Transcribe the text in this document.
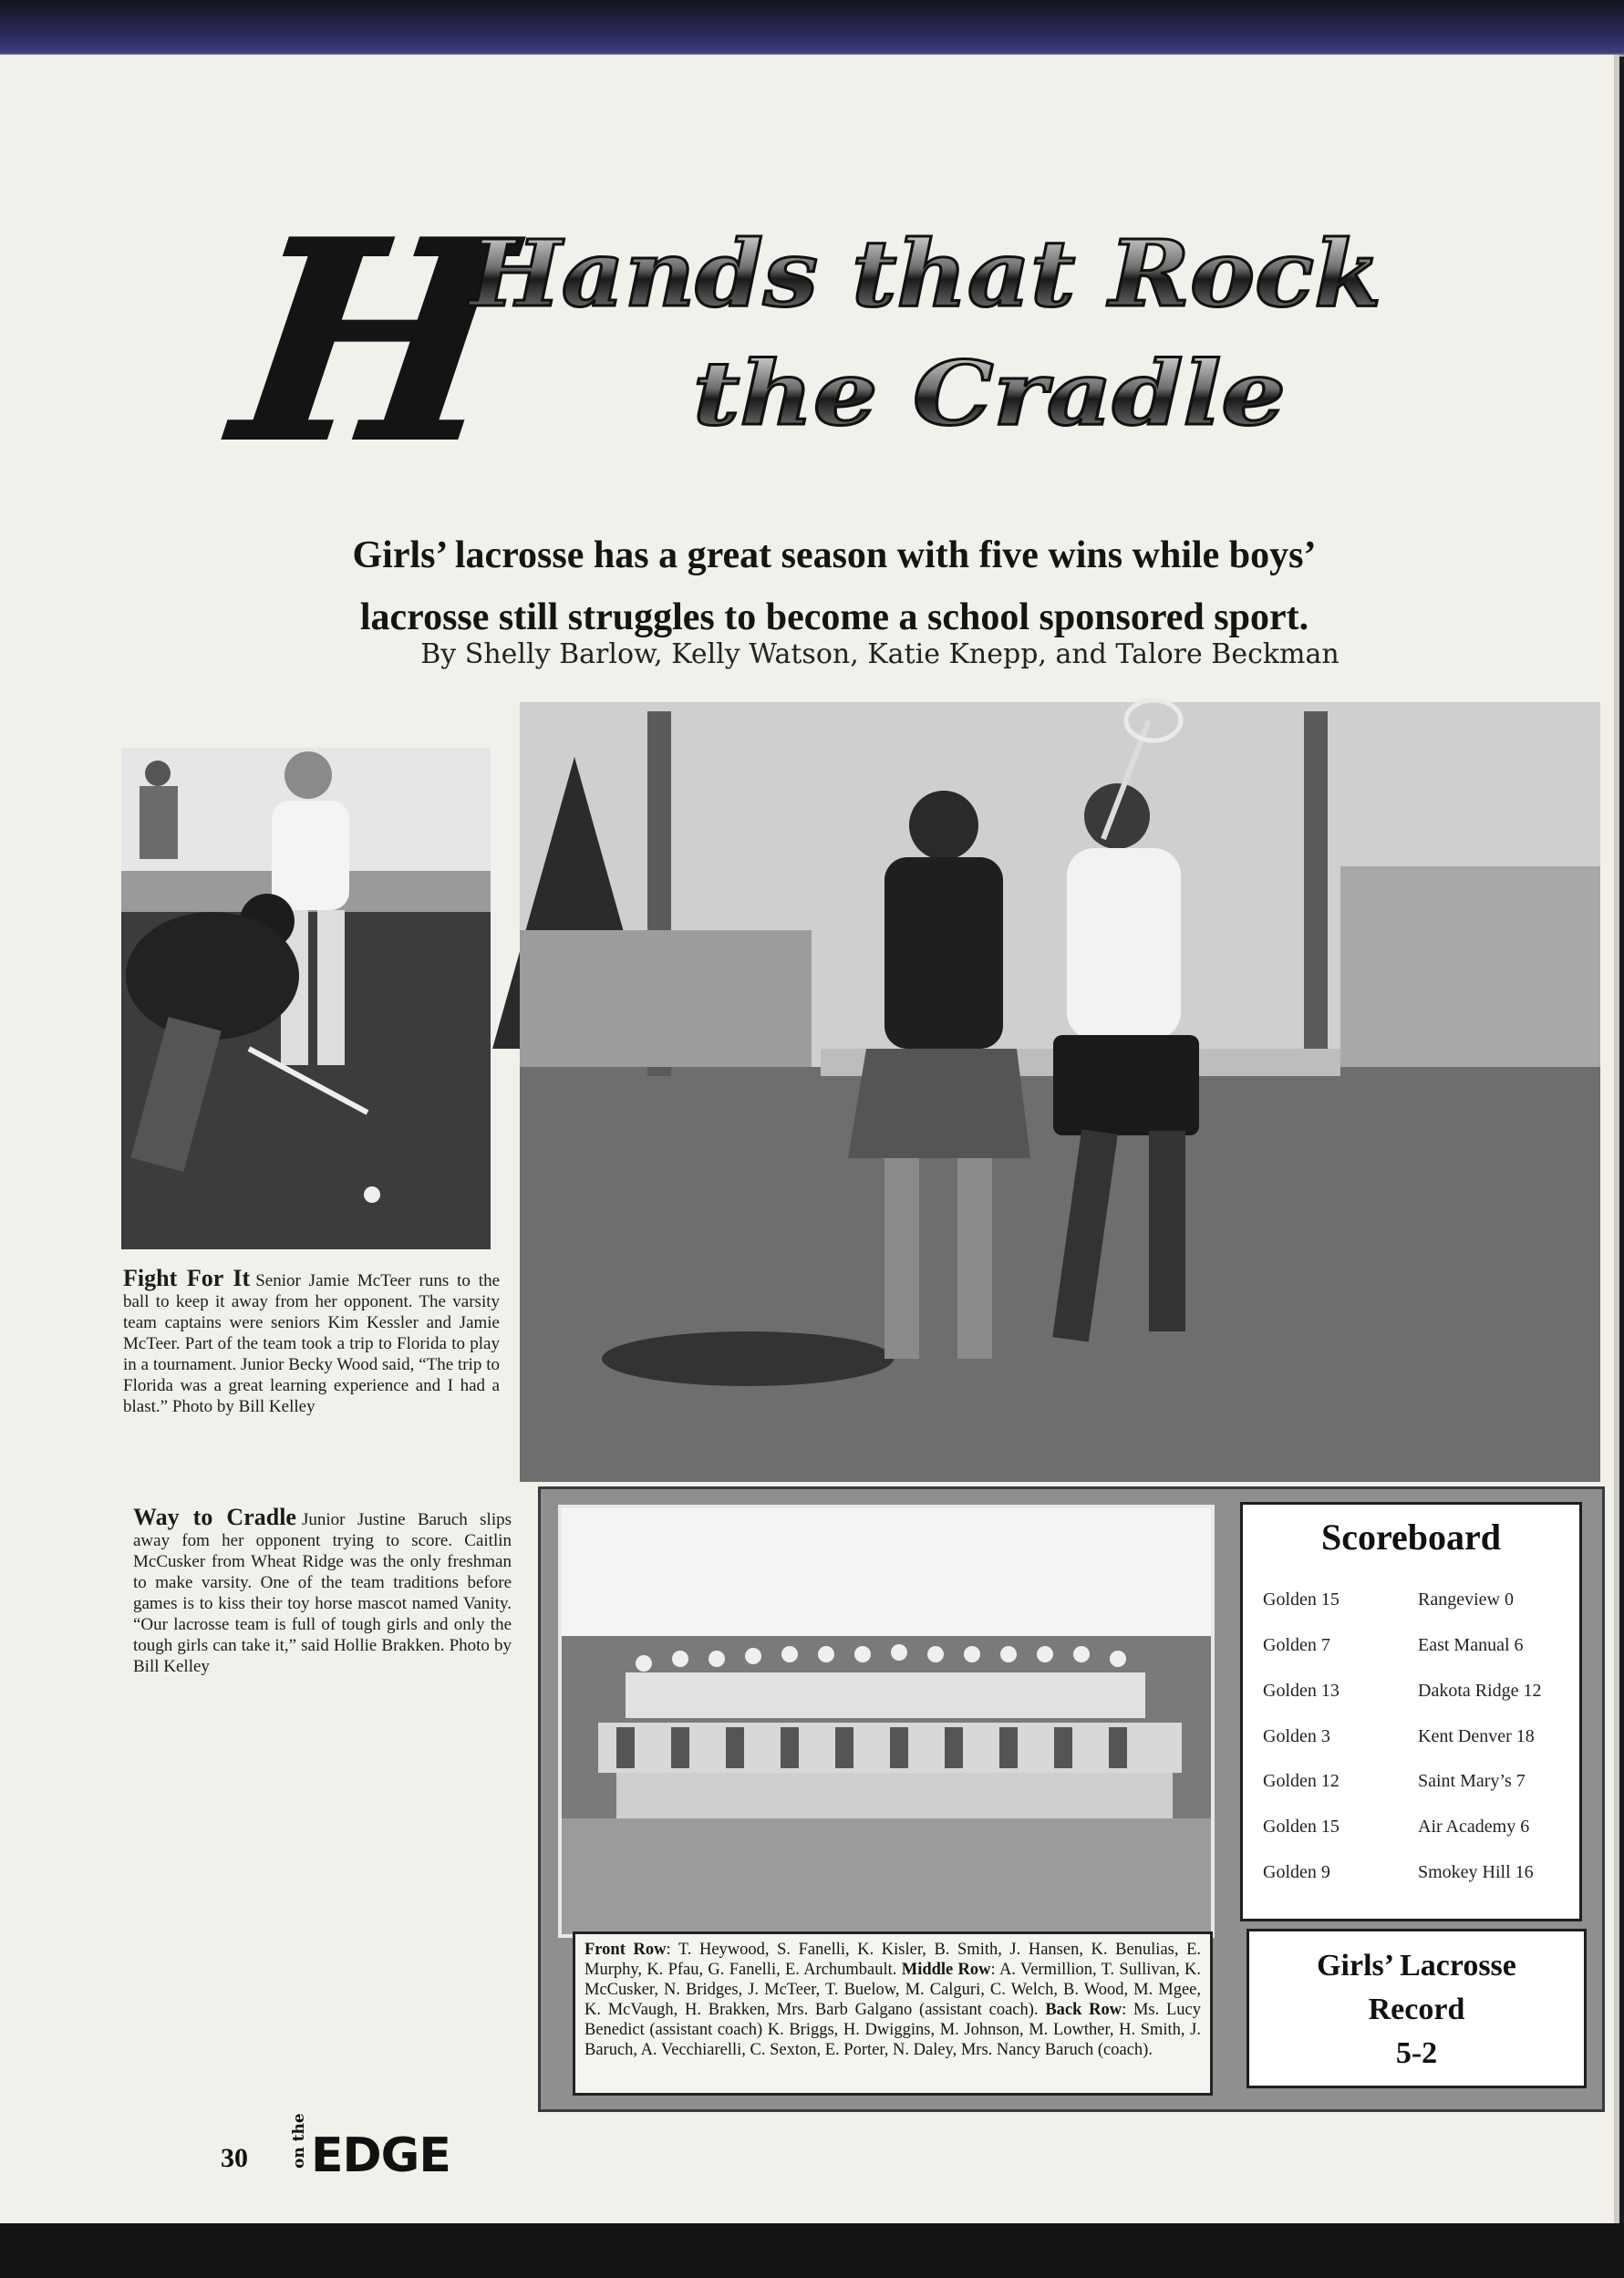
H
Hands that Rock
the Cradle
Girls’ lacrosse has a great season with five wins while boys’
lacrosse still struggles to become a school sponsored sport.
By Shelly Barlow, Kelly Watson, Katie Knepp, and Talore Beckman
Fight For It Senior Jamie McTeer runs to the ball to keep it away from her opponent. The varsity team captains were seniors Kim Kessler and Jamie McTeer. Part of the team took a trip to Florida to play in a tournament. Junior Becky Wood said, “The trip to Florida was a great learning experience and I had a blast.” Photo by Bill Kelley
Way to Cradle Junior Justine Baruch slips away fom her opponent trying to score. Caitlin McCusker from Wheat Ridge was the only freshman to make varsity. One of the team traditions before games is to kiss their toy horse mascot named Vanity. “Our lacrosse team is full of tough girls and only the tough girls can take it,” said Hollie Brakken. Photo by Bill Kelley
Front Row: T. Heywood, S. Fanelli, K. Kisler, B. Smith, J. Hansen, K. Benulias, E. Murphy, K. Pfau, G. Fanelli, E. Archumbault. Middle Row: A. Vermillion, T. Sullivan, K. McCusker, N. Bridges, J. McTeer, T. Buelow, M. Calguri, C. Welch, B. Wood, M. Mgee, K. McVaugh, H. Brakken, Mrs. Barb Galgano (assistant coach). Back Row: Ms. Lucy Benedict (assistant coach) K. Briggs, H. Dwiggins, M. Johnson, M. Lowther, H. Smith, J. Baruch, A. Vecchiarelli, C. Sexton, E. Porter, N. Daley, Mrs. Nancy Baruch (coach).
Scoreboard
Golden 15	Rangeview 0
Golden 7	East Manual 6
Golden 13	Dakota Ridge 12
Golden 3	Kent Denver 18
Golden 12	Saint Mary’s 7
Golden 15	Air Academy 6
Golden 9	Smokey Hill 16
Girls’ Lacrosse
Record
5-2
30	on the EDGE
